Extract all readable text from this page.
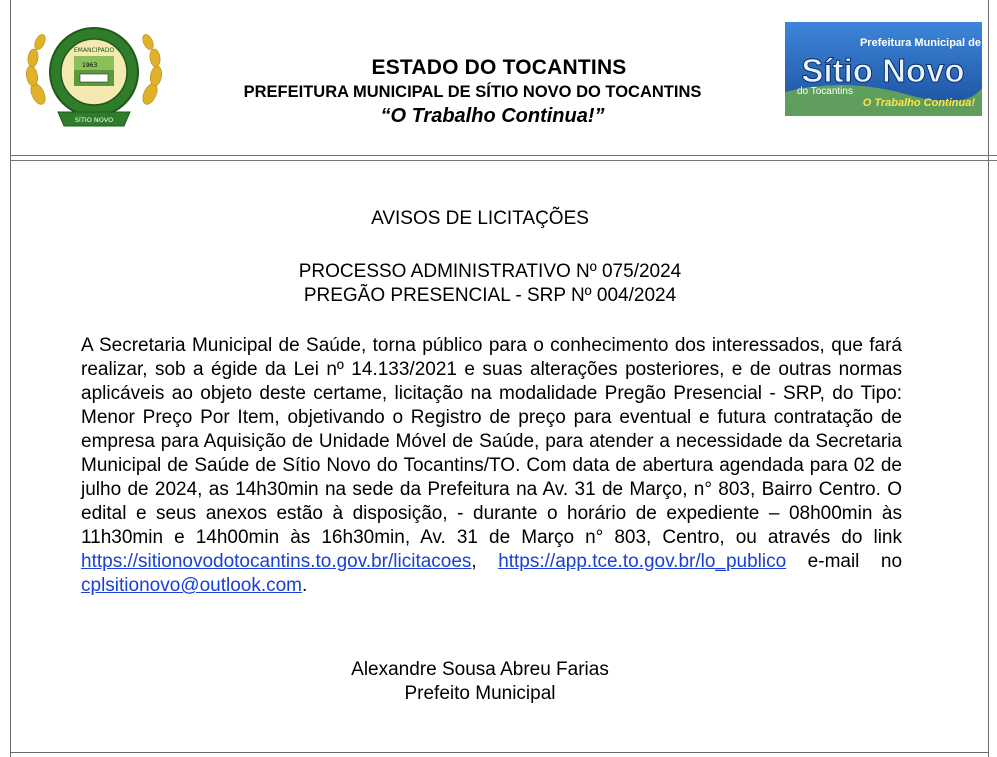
EMANCIPADO
1963
SÍTIO NOVO
ESTADO DO TOCANTINS
PREFEITURA MUNICIPAL DE SÍTIO NOVO DO TOCANTINS
“O Trabalho Continua!”
Prefeitura Municipal de
Sítio Novo
do Tocantins
O Trabalho Continua!
AVISOS DE LICITAÇÕES
PROCESSO ADMINISTRATIVO Nº 075/2024
PREGÃO PRESENCIAL - SRP Nº 004/2024

A Secretaria Municipal de Saúde, torna público para o conhecimento dos interessados, que fará realizar, sob a égide da Lei nº 14.133/2021 e suas alterações posteriores, e de outras normas aplicáveis ao objeto deste certame, licitação na modalidade Pregão Presencial - SRP, do Tipo: Menor Preço Por Item, objetivando o Registro de preço para eventual e futura contratação de empresa para Aquisição de Unidade Móvel de Saúde, para atender a necessidade da Secretaria Municipal de Saúde de Sítio Novo do Tocantins/TO. Com data de abertura agendada para 02 de julho de 2024, as 14h30min na sede da Prefeitura na Av. 31 de Março, n° 803, Bairro Centro. O edital e seus anexos estão à disposição, - durante o horário de expediente – 08h00min às 11h30min e 14h00min às 16h30min, Av. 31 de Março n° 803, Centro, ou através do link https://sitionovodotocantins.to.gov.br/licitacoes, https://app.tce.to.gov.br/lo_publico e-mail no cplsitionovo@outlook.com.

Alexandre Sousa Abreu Farias
Prefeito Municipal
